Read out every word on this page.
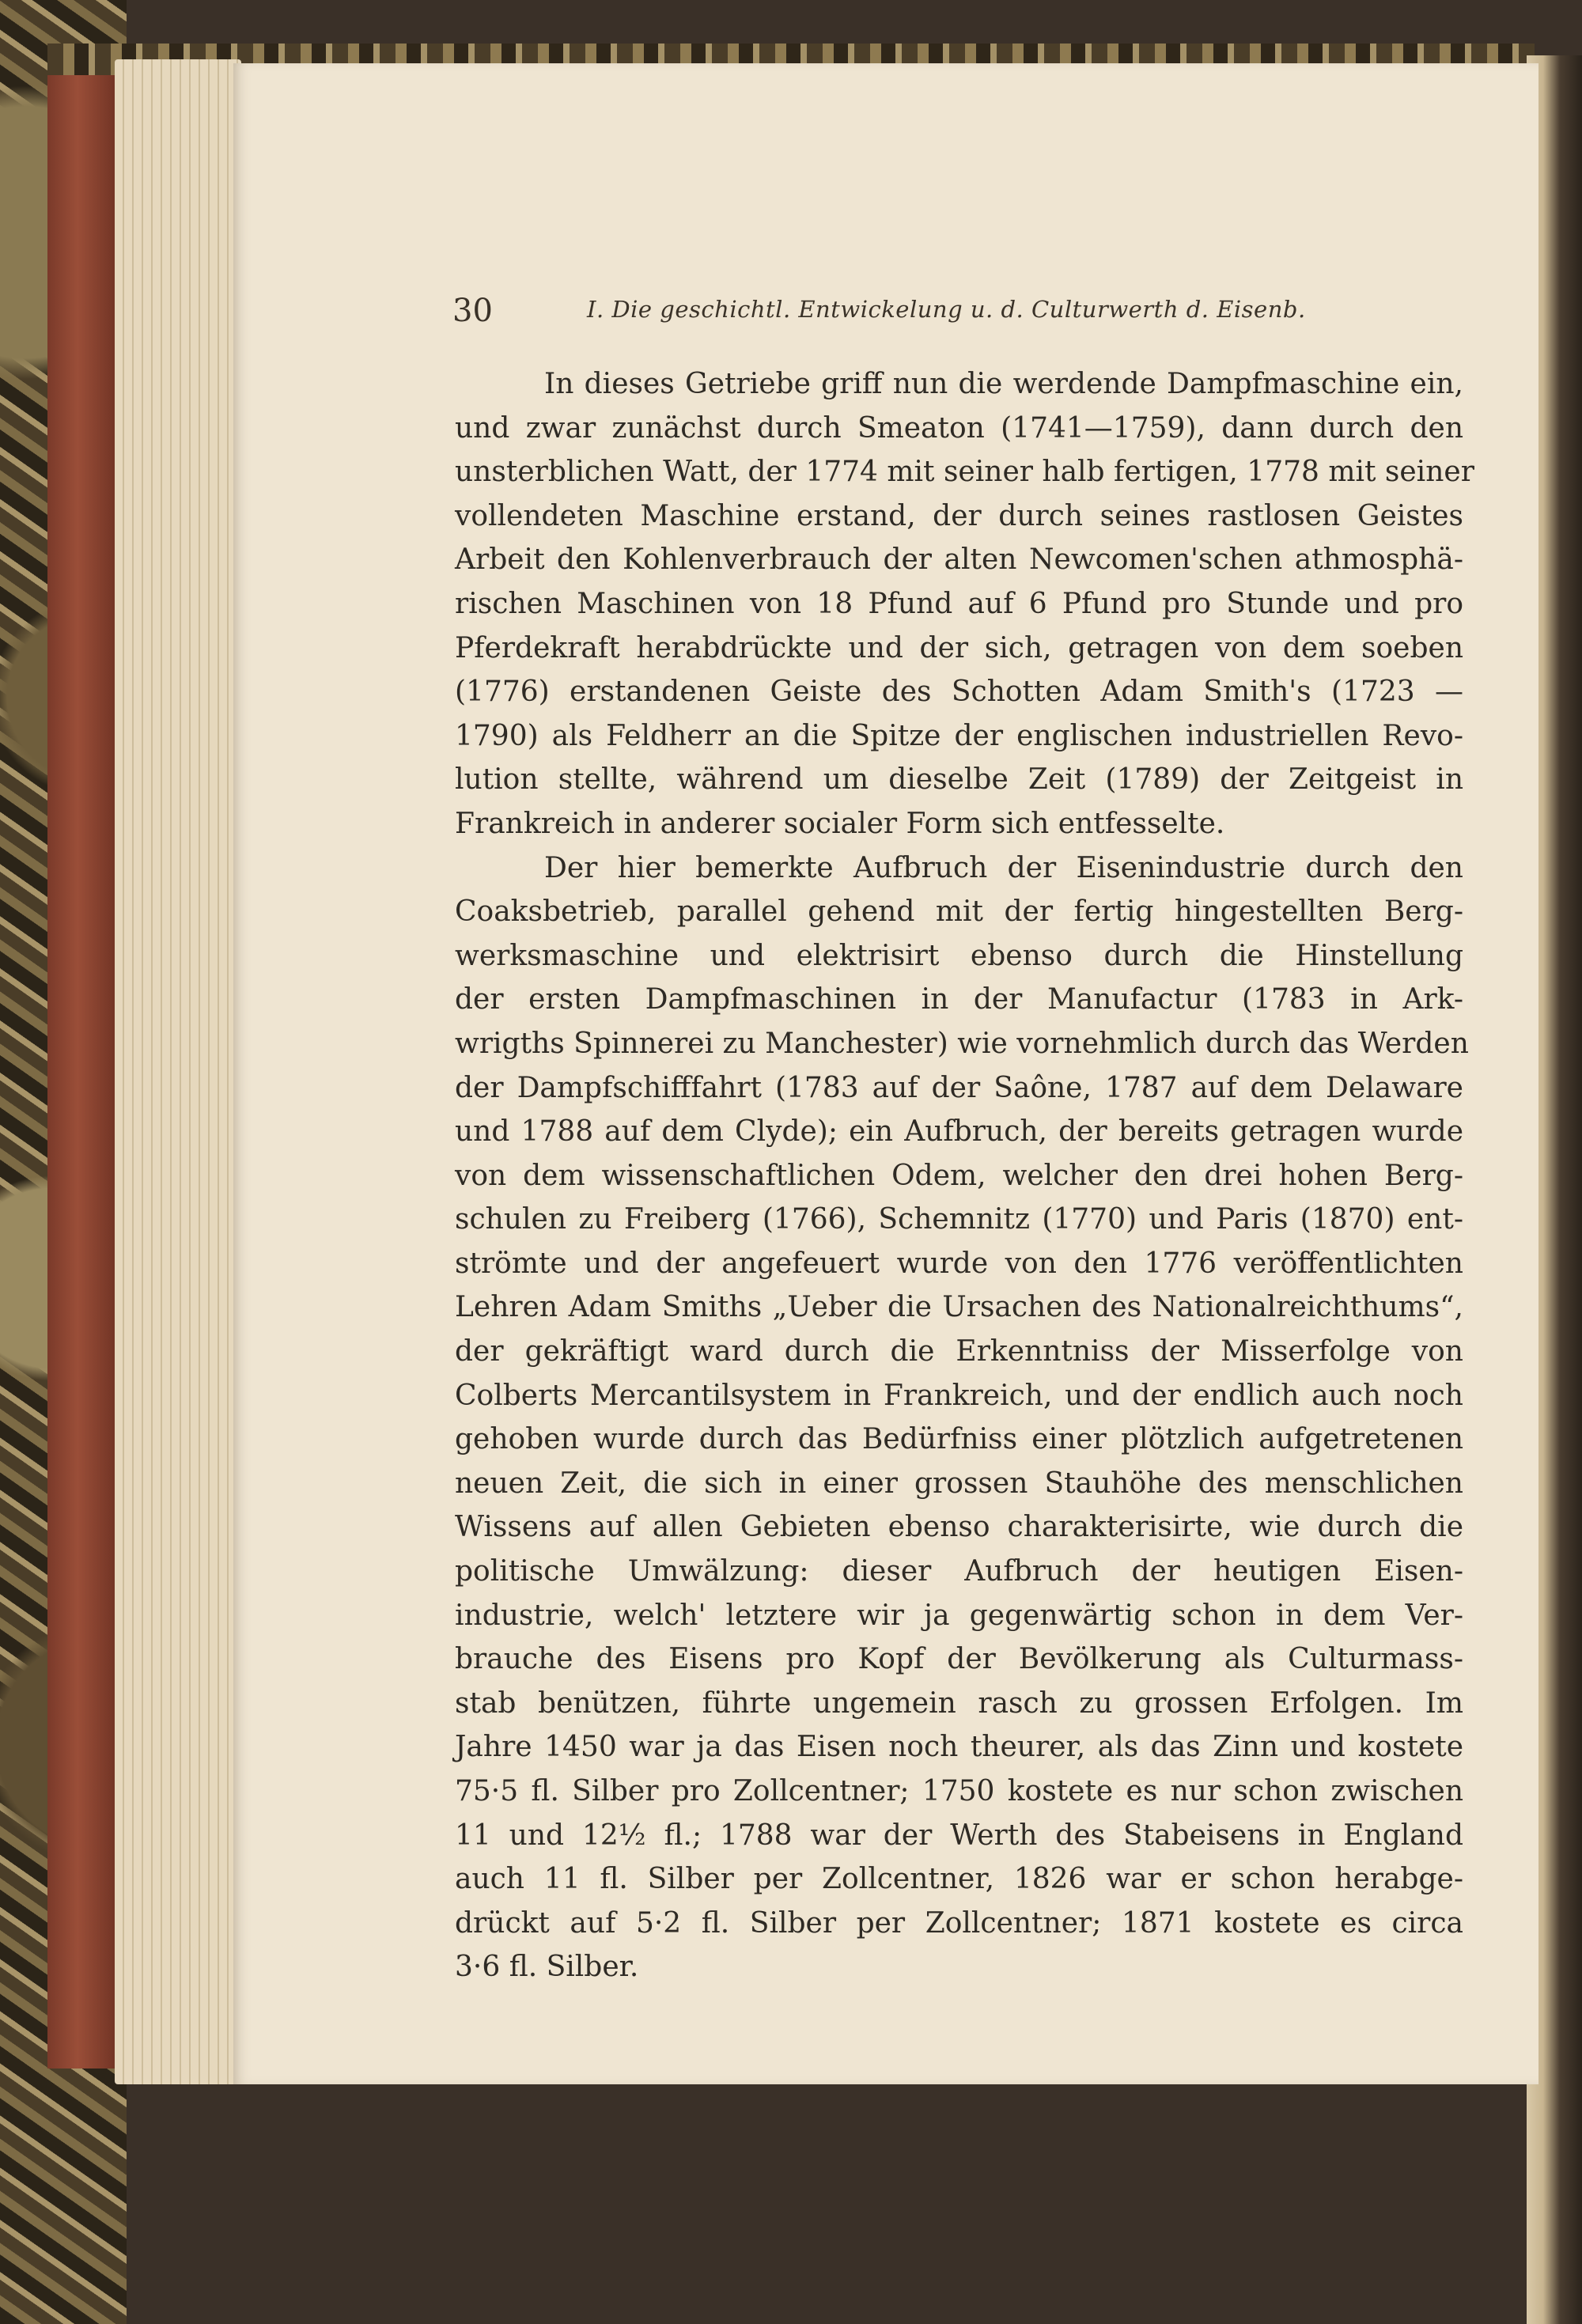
30	I. Die geschichtl. Entwickelung u. d. Culturwerth d. Eisenb.
In dieses Getriebe griff nun die werdende Dampfmaschine ein,
und zwar zunächst durch Smeaton (1741—1759), dann durch den
unsterblichen Watt, der 1774 mit seiner halb fertigen, 1778 mit seiner
vollendeten Maschine erstand, der durch seines rastlosen Geistes
Arbeit den Kohlenverbrauch der alten Newcomen'schen athmosphä-
rischen Maschinen von 18 Pfund auf 6 Pfund pro Stunde und pro
Pferdekraft herabdrückte und der sich, getragen von dem soeben
(1776) erstandenen Geiste des Schotten Adam Smith's (1723 —
1790) als Feldherr an die Spitze der englischen industriellen Revo-
lution stellte, während um dieselbe Zeit (1789) der Zeitgeist in
Frankreich in anderer socialer Form sich entfesselte.
Der hier bemerkte Aufbruch der Eisenindustrie durch den
Coaksbetrieb, parallel gehend mit der fertig hingestellten Berg-
werksmaschine und elektrisirt ebenso durch die Hinstellung
der ersten Dampfmaschinen in der Manufactur (1783 in Ark-
wrigths Spinnerei zu Manchester) wie vornehmlich durch das Werden
der Dampfschifffahrt (1783 auf der Saône, 1787 auf dem Delaware
und 1788 auf dem Clyde); ein Aufbruch, der bereits getragen wurde
von dem wissenschaftlichen Odem, welcher den drei hohen Berg-
schulen zu Freiberg (1766), Schemnitz (1770) und Paris (1870) ent-
strömte und der angefeuert wurde von den 1776 veröffentlichten
Lehren Adam Smiths „Ueber die Ursachen des Nationalreichthums“,
der gekräftigt ward durch die Erkenntniss der Misserfolge von
Colberts Mercantilsystem in Frankreich, und der endlich auch noch
gehoben wurde durch das Bedürfniss einer plötzlich aufgetretenen
neuen Zeit, die sich in einer grossen Stauhöhe des menschlichen
Wissens auf allen Gebieten ebenso charakterisirte, wie durch die
politische Umwälzung: dieser Aufbruch der heutigen Eisen-
industrie, welch' letztere wir ja gegenwärtig schon in dem Ver-
brauche des Eisens pro Kopf der Bevölkerung als Culturmass-
stab benützen, führte ungemein rasch zu grossen Erfolgen. Im
Jahre 1450 war ja das Eisen noch theurer, als das Zinn und kostete
75·5 fl. Silber pro Zollcentner; 1750 kostete es nur schon zwischen
11 und 12½ fl.; 1788 war der Werth des Stabeisens in England
auch 11 fl. Silber per Zollcentner, 1826 war er schon herabge-
drückt auf 5·2 fl. Silber per Zollcentner; 1871 kostete es circa
3·6 fl. Silber.
